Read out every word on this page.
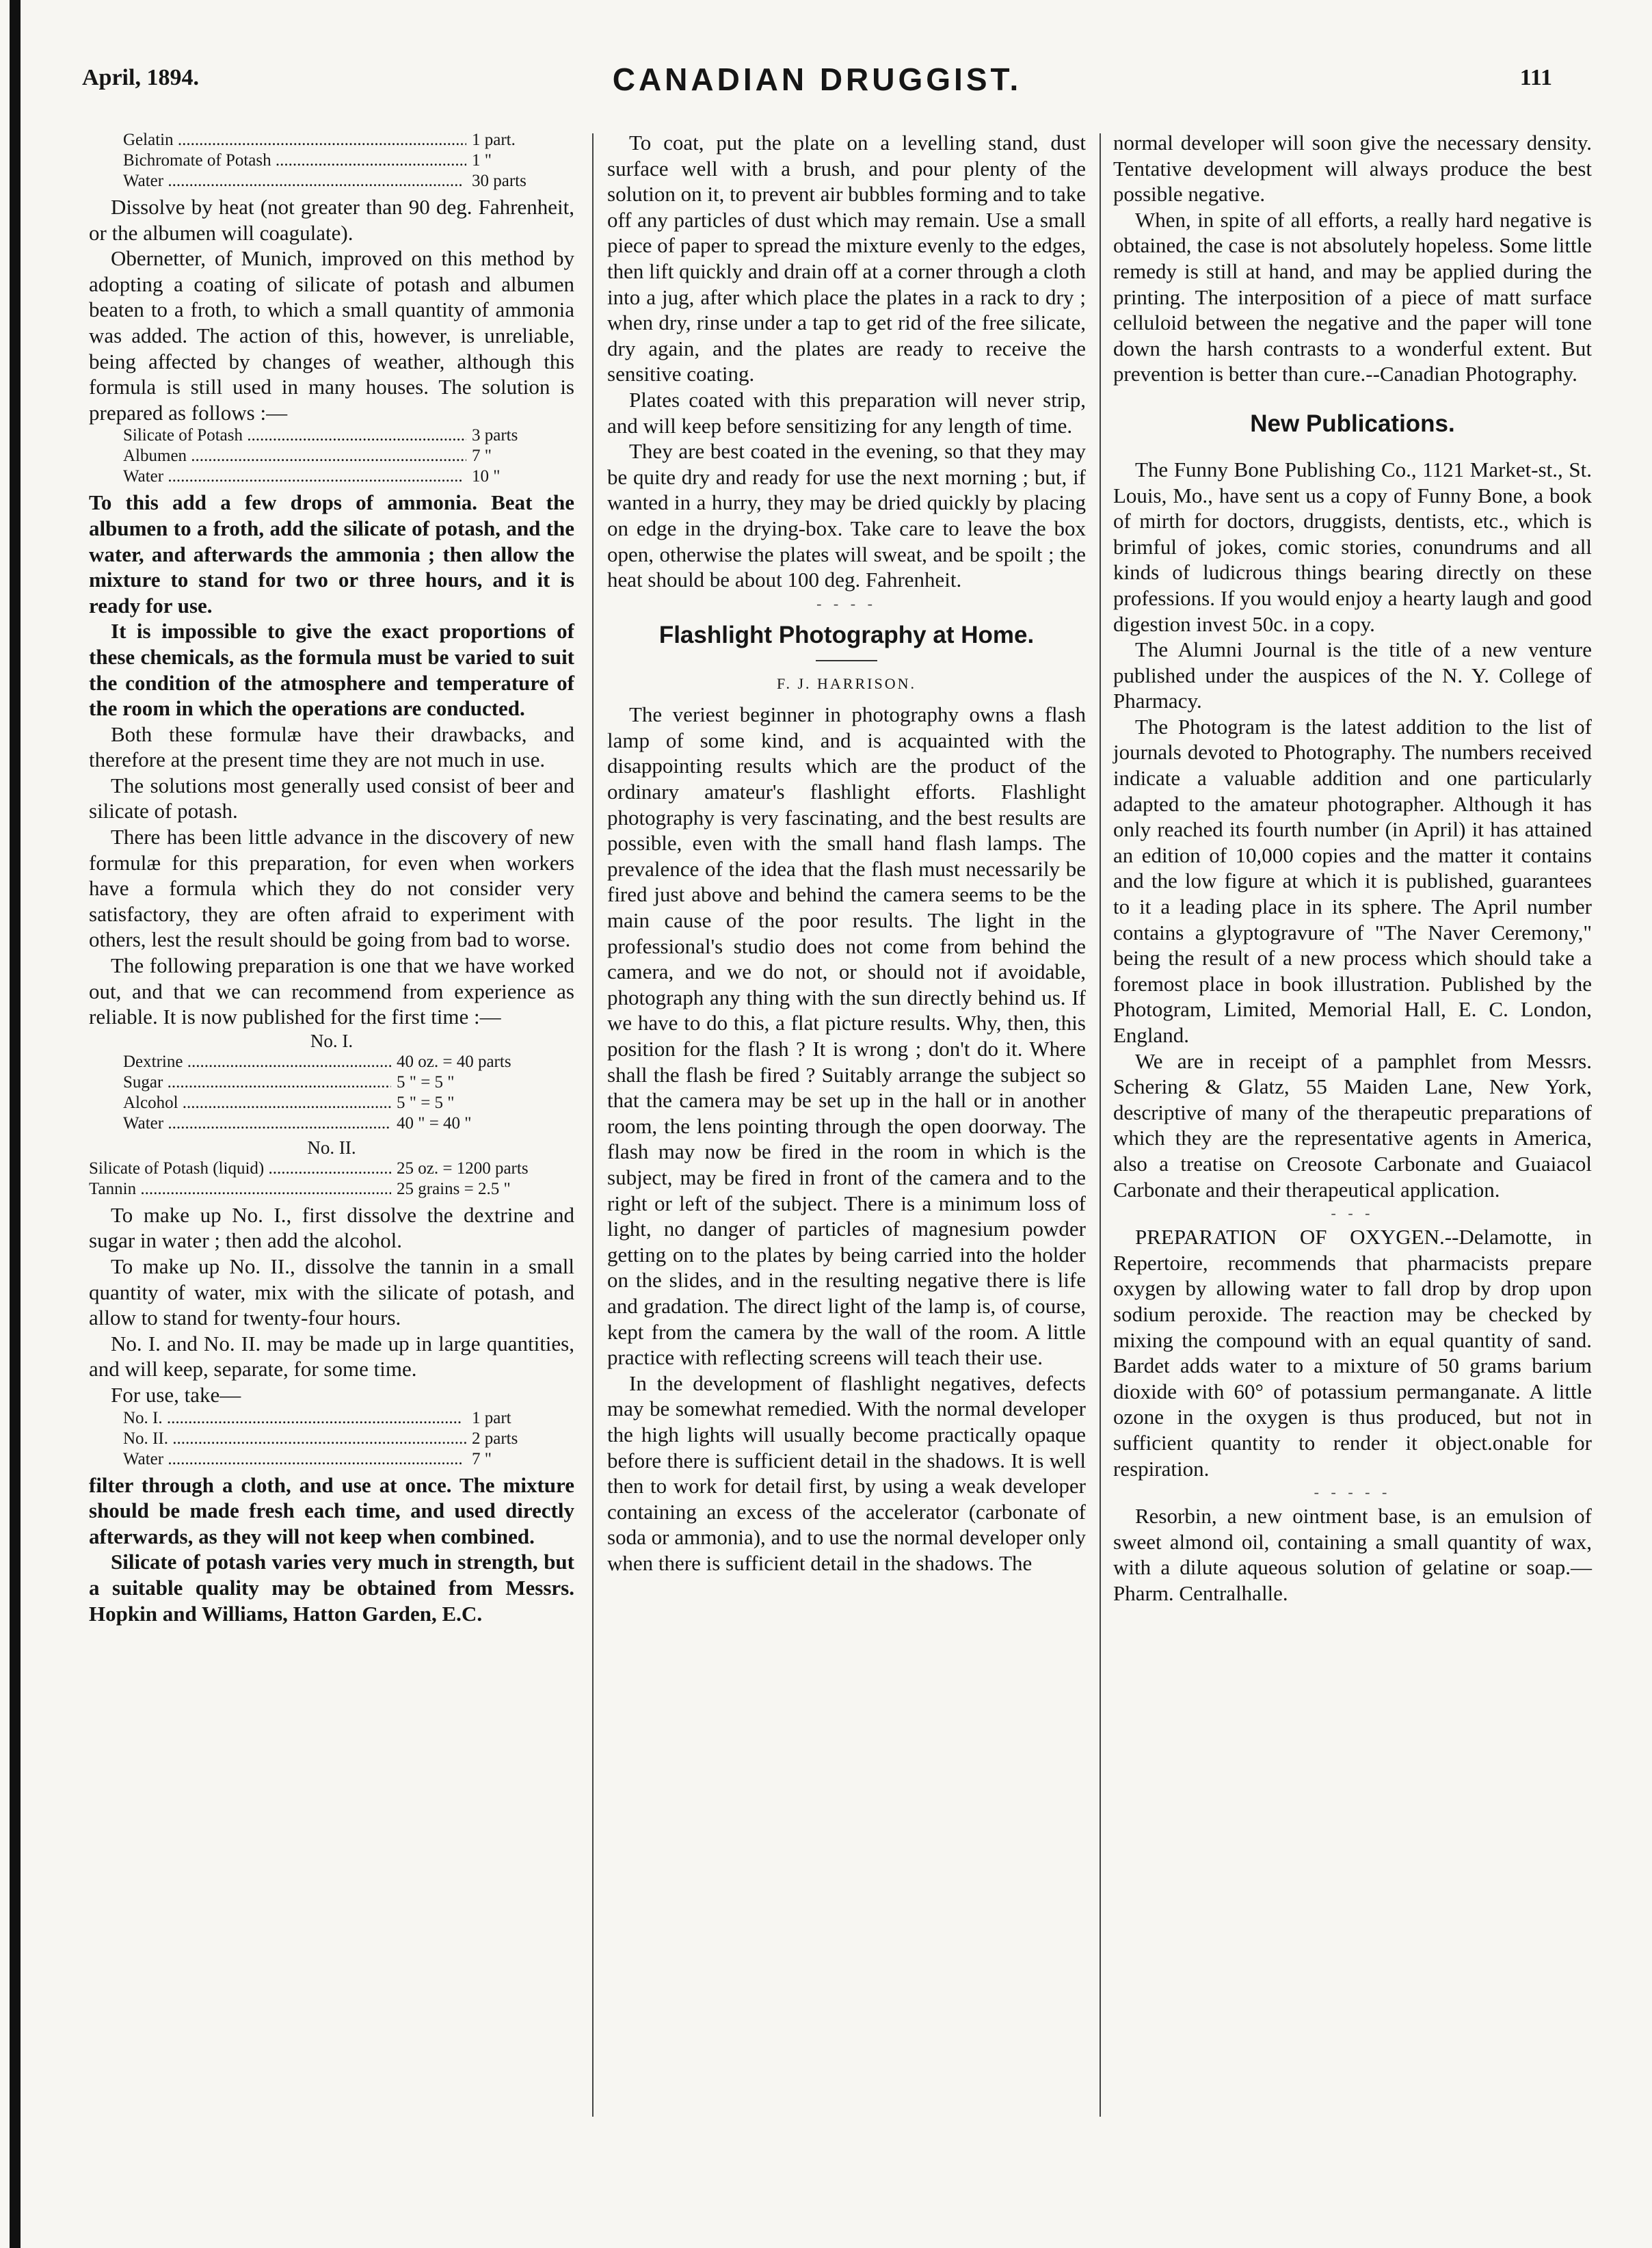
April, 1894.	CANADIAN DRUGGIST.	111
Gelatin .....	1 part.
Bichromate of Potash .....	1 "
Water .....	30 parts

Dissolve by heat (not greater than 90 deg. Fahrenheit, or the albumen will coagulate).

Obernetter, of Munich, improved on this method by adopting a coating of silicate of potash and albumen beaten to a froth, to which a small quantity of ammonia was added. The action of this, however, is unreliable, being affected by changes of weather, although this formula is still used in many houses. The solution is prepared as follows :—

Silicate of Potash .....	3 parts
Albumen .....	7 "
Water .....	10 "

To this add a few drops of ammonia. Beat the albumen to a froth, add the silicate of potash, and the water, and afterwards the ammonia ; then allow the mixture to stand for two or three hours, and it is ready for use.

It is impossible to give the exact proportions of these chemicals, as the formula must be varied to suit the condition of the atmosphere and temperature of the room in which the operations are conducted.

Both these formulæ have their drawbacks, and therefore at the present time they are not much in use.

The solutions most generally used consist of beer and silicate of potash.

There has been little advance in the discovery of new formulæ for this preparation, for even when workers have a formula which they do not consider very satisfactory, they are often afraid to experiment with others, lest the result should be going from bad to worse.

The following preparation is one that we have worked out, and that we can recommend from experience as reliable. It is now published for the first time :—

No. I.
Dextrine .....	40 oz. = 40 parts
Sugar .....	5 " = 5 "
Alcohol .....	5 " = 5 "
Water .....	40 " = 40 "
No. II.
Silicate of Potash (liquid) .....	25 oz. = 1200 parts
Tannin .....	25 grains = 2.5 "

To make up No. I., first dissolve the dextrine and sugar in water ; then add the alcohol.

To make up No. II., dissolve the tannin in a small quantity of water, mix with the silicate of potash, and allow to stand for twenty-four hours.

No. I. and No. II. may be made up in large quantities, and will keep, separate, for some time.

For use, take—

No. I. .....	1 part
No. II. .....	2 parts
Water .....	7 "

filter through a cloth, and use at once. The mixture should be made fresh each time, and used directly afterwards, as they will not keep when combined.

Silicate of potash varies very much in strength, but a suitable quality may be obtained from Messrs. Hopkin and Williams, Hatton Garden, E.C.

To coat, put the plate on a levelling stand, dust surface well with a brush, and pour plenty of the solution on it, to prevent air bubbles forming and to take off any particles of dust which may remain. Use a small piece of paper to spread the mixture evenly to the edges, then lift quickly and drain off at a corner through a cloth into a jug, after which place the plates in a rack to dry ; when dry, rinse under a tap to get rid of the free silicate, dry again, and the plates are ready to receive the sensitive coating.

Plates coated with this preparation will never strip, and will keep before sensitizing for any length of time.

They are best coated in the evening, so that they may be quite dry and ready for use the next morning ; but, if wanted in a hurry, they may be dried quickly by placing on edge in the drying-box. Take care to leave the box open, otherwise the plates will sweat, and be spoilt ; the heat should be about 100 deg. Fahrenheit.

- - - -
Flashlight Photography at Home.
F. J. HARRISON.

The veriest beginner in photography owns a flash lamp of some kind, and is acquainted with the disappointing results which are the product of the ordinary amateur's flashlight efforts. Flashlight photography is very fascinating, and the best results are possible, even with the small hand flash lamps. The prevalence of the idea that the flash must necessarily be fired just above and behind the camera seems to be the main cause of the poor results. The light in the professional's studio does not come from behind the camera, and we do not, or should not if avoidable, photograph any thing with the sun directly behind us. If we have to do this, a flat picture results. Why, then, this position for the flash ? It is wrong ; don't do it. Where shall the flash be fired ? Suitably arrange the subject so that the camera may be set up in the hall or in another room, the lens pointing through the open doorway. The flash may now be fired in the room in which is the subject, may be fired in front of the camera and to the right or left of the subject. There is a minimum loss of light, no danger of particles of magnesium powder getting on to the plates by being carried into the holder on the slides, and in the resulting negative there is life and gradation. The direct light of the lamp is, of course, kept from the camera by the wall of the room. A little practice with reflecting screens will teach their use.

In the development of flashlight negatives, defects may be somewhat remedied. With the normal developer the high lights will usually become practically opaque before there is sufficient detail in the shadows. It is well then to work for detail first, by using a weak developer containing an excess of the accelerator (carbonate of soda or ammonia), and to use the normal developer only when there is sufficient detail in the shadows. The

normal developer will soon give the necessary density. Tentative development will always produce the best possible negative.

When, in spite of all efforts, a really hard negative is obtained, the case is not absolutely hopeless. Some little remedy is still at hand, and may be applied during the printing. The interposition of a piece of matt surface celluloid between the negative and the paper will tone down the harsh contrasts to a wonderful extent. But prevention is better than cure.--Canadian Photography.

New Publications.

The Funny Bone Publishing Co., 1121 Market-st., St. Louis, Mo., have sent us a copy of Funny Bone, a book of mirth for doctors, druggists, dentists, etc., which is brimful of jokes, comic stories, conundrums and all kinds of ludicrous things bearing directly on these professions. If you would enjoy a hearty laugh and good digestion invest 50c. in a copy.

The Alumni Journal is the title of a new venture published under the auspices of the N. Y. College of Pharmacy.

The Photogram is the latest addition to the list of journals devoted to Photography. The numbers received indicate a valuable addition and one particularly adapted to the amateur photographer. Although it has only reached its fourth number (in April) it has attained an edition of 10,000 copies and the matter it contains and the low figure at which it is published, guarantees to it a leading place in its sphere. The April number contains a glyptogravure of "The Naver Ceremony," being the result of a new process which should take a foremost place in book illustration. Published by the Photogram, Limited, Memorial Hall, E. C. London, England.

We are in receipt of a pamphlet from Messrs. Schering & Glatz, 55 Maiden Lane, New York, descriptive of many of the therapeutic preparations of which they are the representative agents in America, also a treatise on Creosote Carbonate and Guaiacol Carbonate and their therapeutical application.

- - -

PREPARATION OF OXYGEN.--Delamotte, in Repertoire, recommends that pharmacists prepare oxygen by allowing water to fall drop by drop upon sodium peroxide. The reaction may be checked by mixing the compound with an equal quantity of sand. Bardet adds water to a mixture of 50 grams barium dioxide with 60° of potassium permanganate. A little ozone in the oxygen is thus produced, but not in sufficient quantity to render it object.onable for respiration.

- - - - -

Resorbin, a new ointment base, is an emulsion of sweet almond oil, containing a small quantity of wax, with a dilute aqueous solution of gelatine or soap.—Pharm. Centralhalle.
